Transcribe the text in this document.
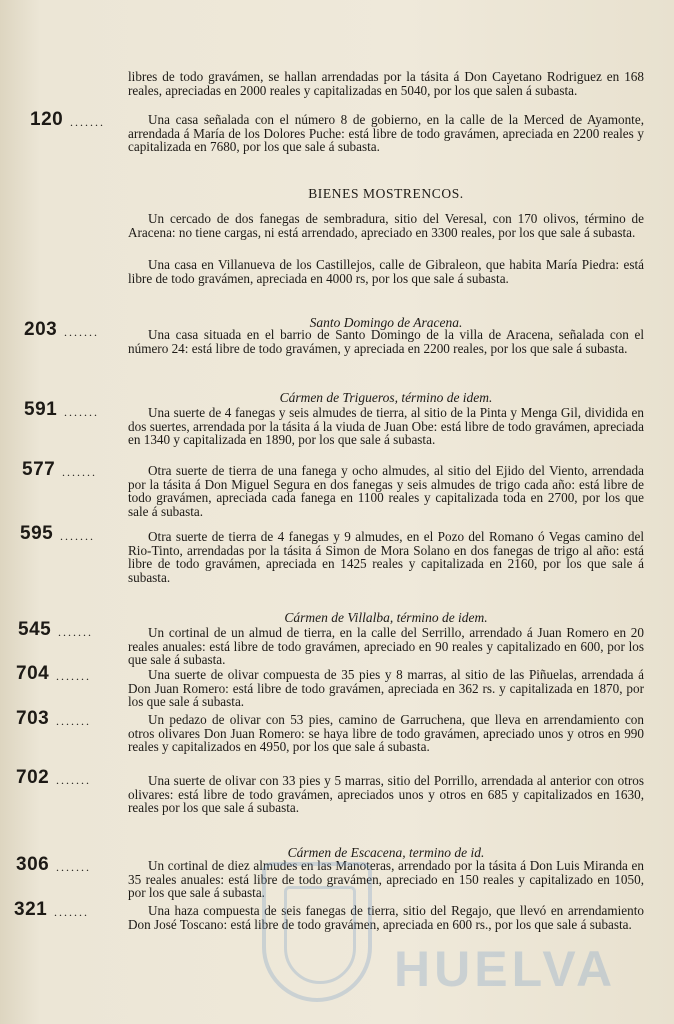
libres de todo gravámen, se hallan arrendadas por la tásita á Don Cayetano Rodriguez en 168 reales, apreciadas en 2000 reales y capitalizadas en 5040, por los que salen á subasta.
120 .......	Una casa señalada con el número 8 de gobierno, en la calle de la Merced de Ayamonte, arrendada á María de los Dolores Puche: está libre de todo gravámen, apreciada en 2200 reales y capitalizada en 7680, por los que sale á subasta.
BIENES MOSTRENCOS.
Un cercado de dos fanegas de sembradura, sitio del Veresal, con 170 olivos, término de Aracena: no tiene cargas, ni está arrendado, apreciado en 3300 reales, por los que sale á subasta.
Una casa en Villanueva de los Castillejos, calle de Gibraleon, que habita María Piedra: está libre de todo gravámen, apreciada en 4000 rs, por los que sale á subasta.
Santo Domingo de Aracena.
203 .......	Una casa situada en el barrio de Santo Domingo de la villa de Aracena, señalada con el número 24: está libre de todo gravámen, y apreciada en 2200 reales, por los que sale á subasta.
Cármen de Trigueros, término de idem.
591 .......	Una suerte de 4 fanegas y seis almudes de tierra, al sitio de la Pinta y Menga Gil, dividida en dos suertes, arrendada por la tásita á la viuda de Juan Obe: está libre de todo gravámen, apreciada en 1340 y capitalizada en 1890, por los que sale á subasta.
577 .......	Otra suerte de tierra de una fanega y ocho almudes, al sitio del Ejido del Viento, arrendada por la tásita á Don Miguel Segura en dos fanegas y seis almudes de trigo cada año: está libre de todo gravámen, apreciada cada fanega en 1100 reales y capitalizada toda en 2700, por los que sale á subasta.
595 .......	Otra suerte de tierra de 4 fanegas y 9 almudes, en el Pozo del Romano ó Vegas camino del Rio-Tinto, arrendadas por la tásita á Simon de Mora Solano en dos fanegas de trigo al año: está libre de todo gravámen, apreciada en 1425 reales y capitalizada en 2160, por los que sale á subasta.
Cármen de Villalba, término de idem.
545 .......	Un cortinal de un almud de tierra, en la calle del Serrillo, arrendado á Juan Romero en 20 reales anuales: está libre de todo gravámen, apreciado en 90 reales y capitalizado en 600, por los que sale á subasta.
704 .......	Una suerte de olivar compuesta de 35 pies y 8 marras, al sitio de las Piñuelas, arrendada á Don Juan Romero: está libre de todo gravámen, apreciada en 362 rs. y capitalizada en 1870, por los que sale á subasta.
703 .......	Un pedazo de olivar con 53 pies, camino de Garruchena, que lleva en arrendamiento con otros olivares Don Juan Romero: se haya libre de todo gravámen, apreciado unos y otros en 990 reales y capitalizados en 4950, por los que sale á subasta.
702 .......	Una suerte de olivar con 33 pies y 5 marras, sitio del Porrillo, arrendada al anterior con otros olivares: está libre de todo gravámen, apreciados unos y otros en 685 y capitalizados en 1630, reales por los que sale á subasta.
Cármen de Escacena, termino de id.
306 .......	Un cortinal de diez almudes en las Manoteras, arrendado por la tásita á Don Luis Miranda en 35 reales anuales: está libre de todo gravámen, apreciado en 150 reales y capitalizado en 1050, por los que sale á subasta.
321 .......	Una haza compuesta de seis fanegas de tierra, sitio del Regajo, que llevó en arrendamiento Don José Toscano: está libre de todo gravámen, apreciada en 600 rs., por los que sale á subasta.
HUELVA
